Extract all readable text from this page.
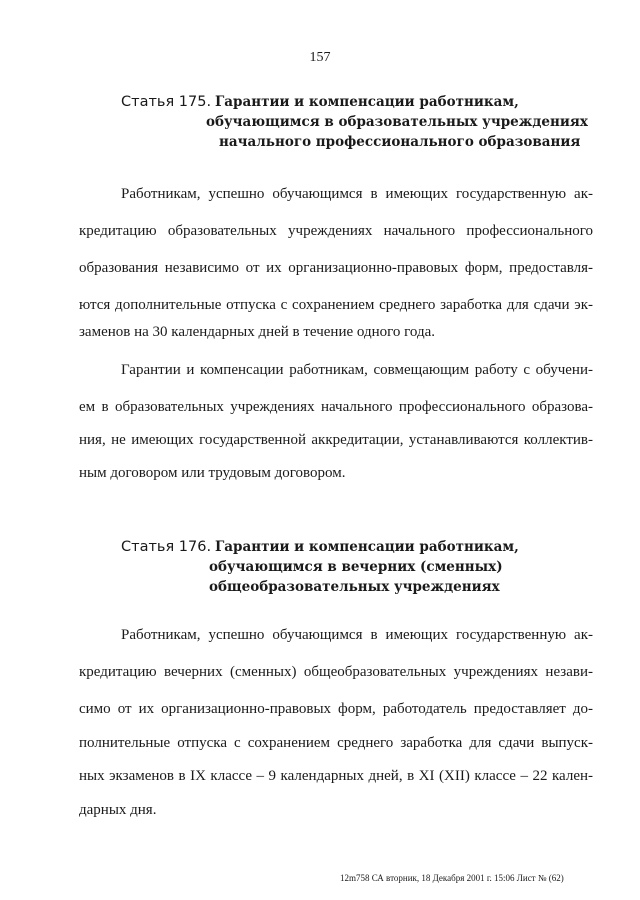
157
Статья 175. Гарантии и компенсации работникам,
обучающимся в образовательных учреждениях
начального профессионального образования
Работникам, успешно обучающимся в имеющих государственную ак-
кредитацию образовательных учреждениях начального профессионального
образования независимо от их организационно-правовых форм, предоставля-
ются дополнительные отпуска с сохранением среднего заработка для сдачи эк-
заменов на 30 календарных дней в течение одного года.
Гарантии и компенсации работникам, совмещающим работу с обучени-
ем в образовательных учреждениях начального профессионального образова-
ния, не имеющих государственной аккредитации, устанавливаются коллектив-
ным договором или трудовым договором.
Статья 176. Гарантии и компенсации работникам,
обучающимся в вечерних (сменных)
общеобразовательных учреждениях
Работникам, успешно обучающимся в имеющих государственную ак-
кредитацию вечерних (сменных) общеобразовательных учреждениях незави-
симо от их организационно-правовых форм, работодатель предоставляет до-
полнительные отпуска с сохранением среднего заработка для сдачи выпуск-
ных экзаменов в IX классе – 9 календарных дней, в XI (XII) классе – 22 кален-
дарных дня.
12m758 СА вторник, 18 Декабря 2001 г. 15:06 Лист № (62)
